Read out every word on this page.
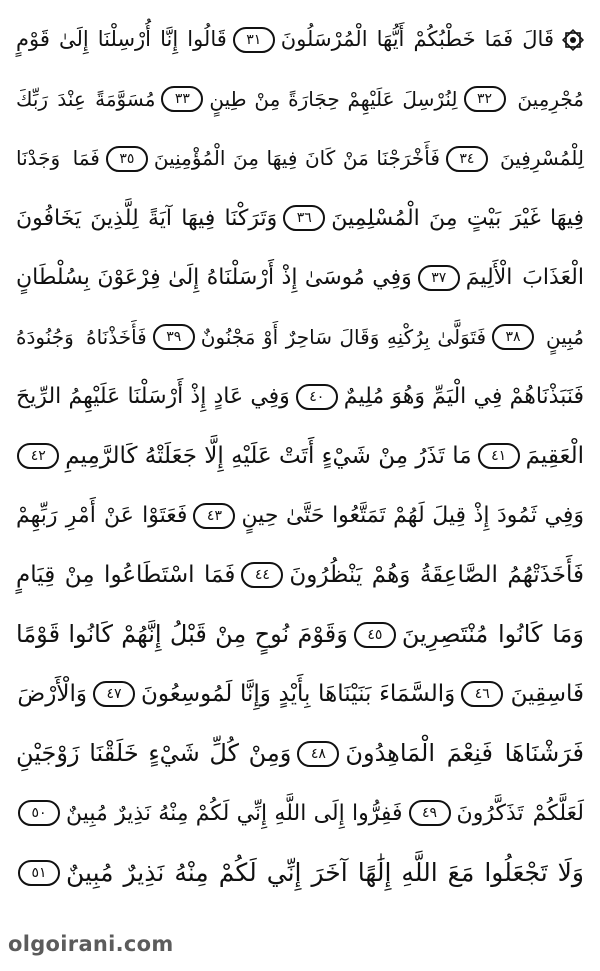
قَالَ فَمَا خَطْبُكُمْ أَيُّهَا الْمُرْسَلُونَ
٣١
قَالُوا إِنَّا أُرْسِلْنَا إِلَىٰ قَوْمٍ
مُجْرِمِينَ
٣٢
لِنُرْسِلَ عَلَيْهِمْ حِجَارَةً مِنْ طِينٍ
٣٣
مُسَوَّمَةً عِنْدَ رَبِّكَ
لِلْمُسْرِفِينَ
٣٤
فَأَخْرَجْنَا مَنْ كَانَ فِيهَا مِنَ الْمُؤْمِنِينَ
٣٥
فَمَا وَجَدْنَا
فِيهَا غَيْرَ بَيْتٍ مِنَ الْمُسْلِمِينَ
٣٦
وَتَرَكْنَا فِيهَا آيَةً لِلَّذِينَ يَخَافُونَ
الْعَذَابَ الْأَلِيمَ
٣٧
وَفِي مُوسَىٰ إِذْ أَرْسَلْنَاهُ إِلَىٰ فِرْعَوْنَ بِسُلْطَانٍ
مُبِينٍ
٣٨
فَتَوَلَّىٰ بِرُكْنِهِ وَقَالَ سَاحِرٌ أَوْ مَجْنُونٌ
٣٩
فَأَخَذْنَاهُ وَجُنُودَهُ
فَنَبَذْنَاهُمْ فِي الْيَمِّ وَهُوَ مُلِيمٌ
٤٠
وَفِي عَادٍ إِذْ أَرْسَلْنَا عَلَيْهِمُ الرِّيحَ
الْعَقِيمَ
٤١
مَا تَذَرُ مِنْ شَيْءٍ أَتَتْ عَلَيْهِ إِلَّا جَعَلَتْهُ كَالرَّمِيمِ
٤٢
وَفِي ثَمُودَ إِذْ قِيلَ لَهُمْ تَمَتَّعُوا حَتَّىٰ حِينٍ
٤٣
فَعَتَوْا عَنْ أَمْرِ رَبِّهِمْ
فَأَخَذَتْهُمُ الصَّاعِقَةُ وَهُمْ يَنْظُرُونَ
٤٤
فَمَا اسْتَطَاعُوا مِنْ قِيَامٍ
وَمَا كَانُوا مُنْتَصِرِينَ
٤٥
وَقَوْمَ نُوحٍ مِنْ قَبْلُ إِنَّهُمْ كَانُوا قَوْمًا
فَاسِقِينَ
٤٦
وَالسَّمَاءَ بَنَيْنَاهَا بِأَيْدٍ وَإِنَّا لَمُوسِعُونَ
٤٧
وَالْأَرْضَ
فَرَشْنَاهَا فَنِعْمَ الْمَاهِدُونَ
٤٨
وَمِنْ كُلِّ شَيْءٍ خَلَقْنَا زَوْجَيْنِ
لَعَلَّكُمْ تَذَكَّرُونَ
٤٩
فَفِرُّوا إِلَى اللَّهِ إِنِّي لَكُمْ مِنْهُ نَذِيرٌ مُبِينٌ
٥٠
وَلَا تَجْعَلُوا مَعَ اللَّهِ إِلَٰهًا آخَرَ إِنِّي لَكُمْ مِنْهُ نَذِيرٌ مُبِينٌ
٥١
olgoirani.com
